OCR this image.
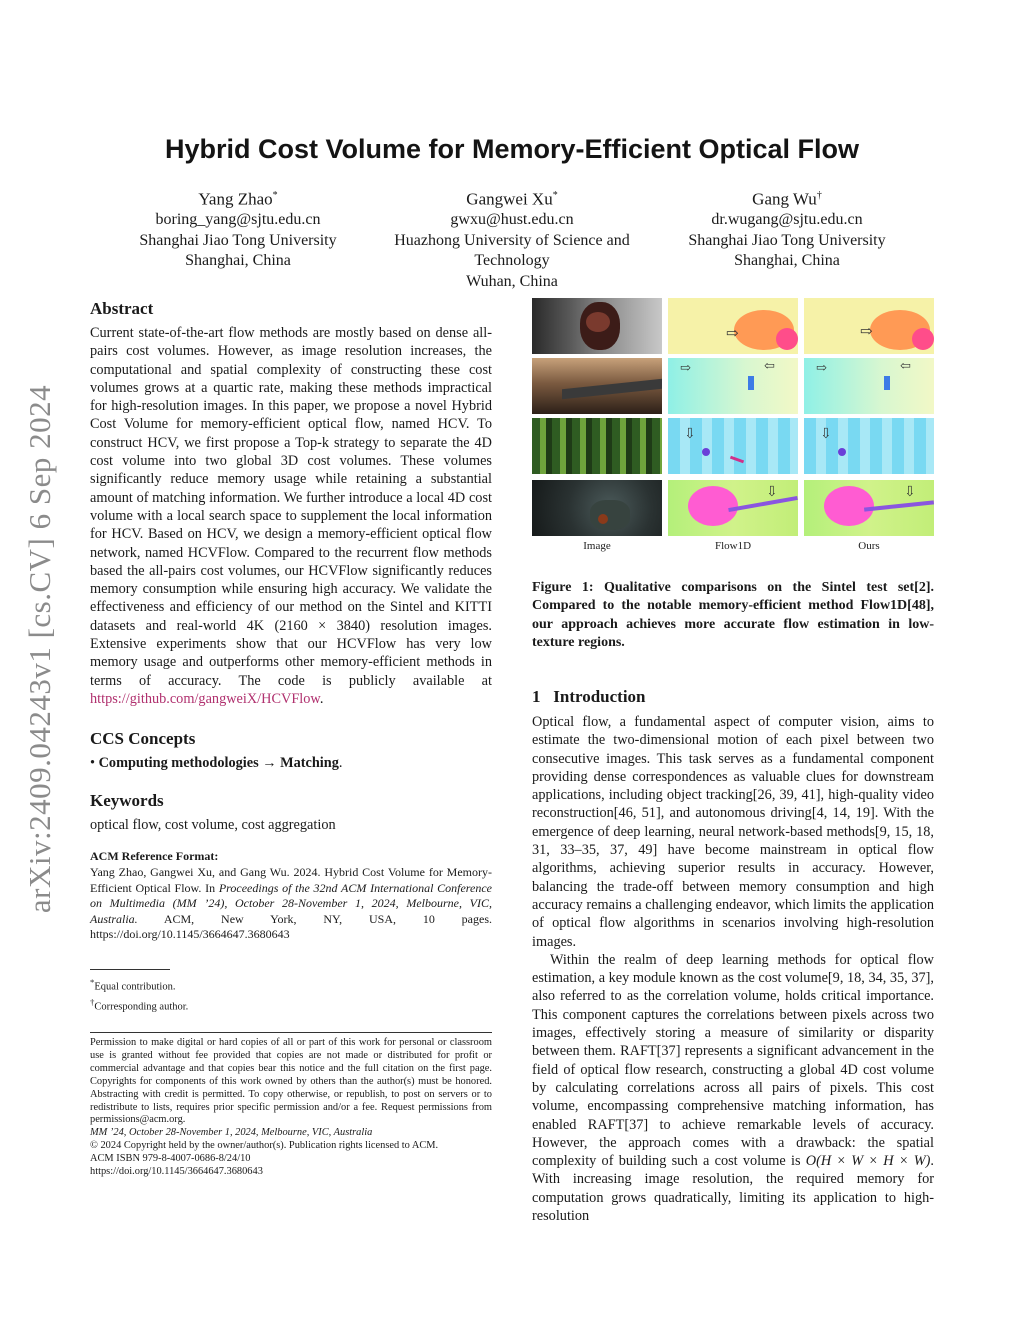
arXiv:2409.04243v1 [cs.CV] 6 Sep 2024
Hybrid Cost Volume for Memory-Efficient Optical Flow
Yang Zhao*
boring_yang@sjtu.edu.cn
Shanghai Jiao Tong University
Shanghai, China
Gangwei Xu*
gwxu@hust.edu.cn
Huazhong University of Science and
Technology
Wuhan, China
Gang Wu†
dr.wugang@sjtu.edu.cn
Shanghai Jiao Tong University
Shanghai, China
Abstract

Current state-of-the-art flow methods are mostly based on dense all-pairs cost volumes. However, as image resolution increases, the computational and spatial complexity of constructing these cost volumes grows at a quartic rate, making these methods impractical for high-resolution images. In this paper, we propose a novel Hybrid Cost Volume for memory-efficient optical flow, named HCV. To construct HCV, we first propose a Top-k strategy to separate the 4D cost volume into two global 3D cost volumes. These volumes significantly reduce memory usage while retaining a substantial amount of matching information. We further introduce a local 4D cost volume with a local search space to supplement the local information for HCV. Based on HCV, we design a memory-efficient optical flow network, named HCVFlow. Compared to the recurrent flow methods based the all-pairs cost volumes, our HCVFlow significantly reduces memory consumption while ensuring high accuracy. We validate the effectiveness and efficiency of our method on the Sintel and KITTI datasets and real-world 4K (2160 × 3840) resolution images. Extensive experiments show that our HCVFlow has very low memory usage and outperforms other memory-efficient methods in terms of accuracy. The code is publicly available at https://github.com/gangweiX/HCVFlow.

CCS Concepts
• Computing methodologies → Matching.
Keywords
optical flow, cost volume, cost aggregation
ACM Reference Format:
Yang Zhao, Gangwei Xu, and Gang Wu. 2024. Hybrid Cost Volume for Memory-Efficient Optical Flow. In Proceedings of the 32nd ACM International Conference on Multimedia (MM ’24), October 28-November 1, 2024, Melbourne, VIC, Australia. ACM, New York, NY, USA, 10 pages. https://doi.org/10.1145/3664647.3680643
*Equal contribution.
†Corresponding author.
Permission to make digital or hard copies of all or part of this work for personal or classroom use is granted without fee provided that copies are not made or distributed for profit or commercial advantage and that copies bear this notice and the full citation on the first page. Copyrights for components of this work owned by others than the author(s) must be honored. Abstracting with credit is permitted. To copy otherwise, or republish, to post on servers or to redistribute to lists, requires prior specific permission and/or a fee. Request permissions from permissions@acm.org.
MM ’24, October 28-November 1, 2024, Melbourne, VIC, Australia
© 2024 Copyright held by the owner/author(s). Publication rights licensed to ACM.
ACM ISBN 979-8-4007-0686-8/24/10
https://doi.org/10.1145/3664647.3680643
⇨	⇨
⇨	⇦	⇨	⇦
⇩	⇩
⇩	⇩
Image	Flow1D	Ours
Figure 1: Qualitative comparisons on the Sintel test set[2]. Compared to the notable memory-efficient method Flow1D[48], our approach achieves more accurate flow estimation in low-texture regions.
1 Introduction

Optical flow, a fundamental aspect of computer vision, aims to estimate the two-dimensional motion of each pixel between two consecutive images. This task serves as a fundamental component providing dense correspondences as valuable clues for downstream applications, including object tracking[26, 39, 41], high-quality video reconstruction[46, 51], and autonomous driving[4, 14, 19]. With the emergence of deep learning, neural network-based methods[9, 15, 18, 31, 33–35, 37, 49] have become mainstream in optical flow algorithms, achieving superior results in accuracy. However, balancing the trade-off between memory consumption and high accuracy remains a challenging endeavor, which limits the application of optical flow algorithms in scenarios involving high-resolution images.

Within the realm of deep learning methods for optical flow estimation, a key module known as the cost volume[9, 18, 34, 35, 37], also referred to as the correlation volume, holds critical importance. This component captures the correlations between pixels across two images, effectively storing a measure of similarity or disparity between them. RAFT[37] represents a significant advancement in the field of optical flow research, constructing a global 4D cost volume by calculating correlations across all pairs of pixels. This cost volume, encompassing comprehensive matching information, has enabled RAFT[37] to achieve remarkable levels of accuracy. However, the approach comes with a drawback: the spatial complexity of building such a cost volume is O(H × W × H × W). With increasing image resolution, the required memory for computation grows quadratically, limiting its application to high-resolution
